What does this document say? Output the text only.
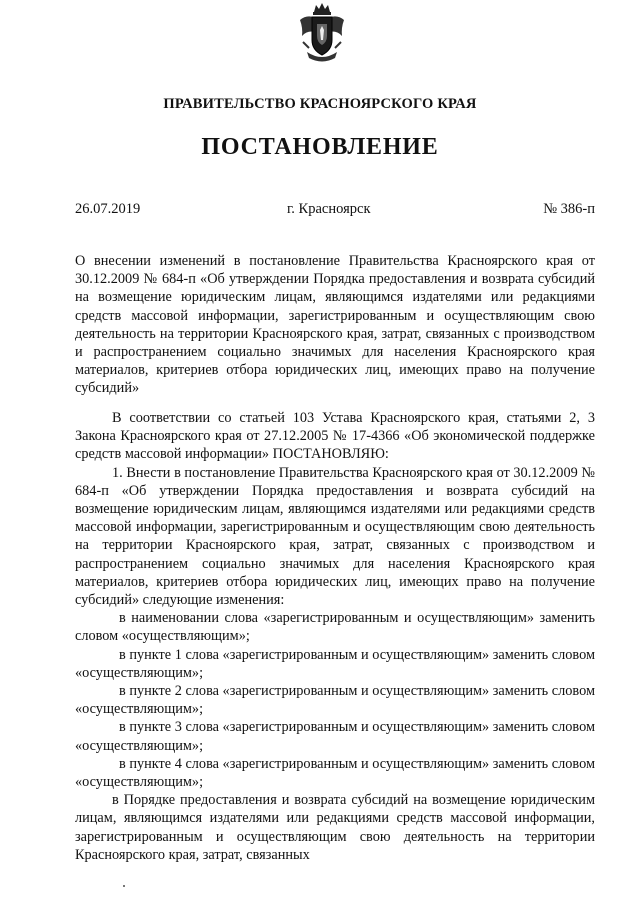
ПРАВИТЕЛЬСТВО КРАСНОЯРСКОГО КРАЯ
ПОСТАНОВЛЕНИЕ
26.07.2019	г. Красноярск	№ 386-п

О внесении изменений в постановление Правительства Красноярского края от 30.12.2009 № 684-п «Об утверждении Порядка предоставления и возврата субсидий на возмещение юридическим лицам, являющимся издателями или редакциями средств массовой информации, зарегистрированным и осуществляющим свою деятельность на территории Красноярского края, затрат, связанных с производством и распространением социально значимых для населения Красноярского края материалов, критериев отбора юридических лиц, имеющих право на получение субсидий»

В соответствии со статьей 103 Устава Красноярского края, статьями 2, 3 Закона Красноярского края от 27.12.2005 № 17-4366 «Об экономической поддержке средств массовой информации» ПОСТАНОВЛЯЮ:

1. Внести в постановление Правительства Красноярского края от 30.12.2009 № 684-п «Об утверждении Порядка предоставления и возврата субсидий на возмещение юридическим лицам, являющимся издателями или редакциями средств массовой информации, зарегистрированным и осуществляющим свою деятельность на территории Красноярского края, затрат, связанных с производством и распространением социально значимых для населения Красноярского края материалов, критериев отбора юридических лиц, имеющих право на получение субсидий» следующие изменения:

в наименовании слова «зарегистрированным и осуществляющим» заменить словом «осуществляющим»;

в пункте 1 слова «зарегистрированным и осуществляющим» заменить словом «осуществляющим»;

в пункте 2 слова «зарегистрированным и осуществляющим» заменить словом «осуществляющим»;

в пункте 3 слова «зарегистрированным и осуществляющим» заменить словом «осуществляющим»;

в пункте 4 слова «зарегистрированным и осуществляющим» заменить словом «осуществляющим»;

в Порядке предоставления и возврата субсидий на возмещение юридическим лицам, являющимся издателями или редакциями средств массовой информации, зарегистрированным и осуществляющим свою деятельность на территории Красноярского края, затрат, связанных
